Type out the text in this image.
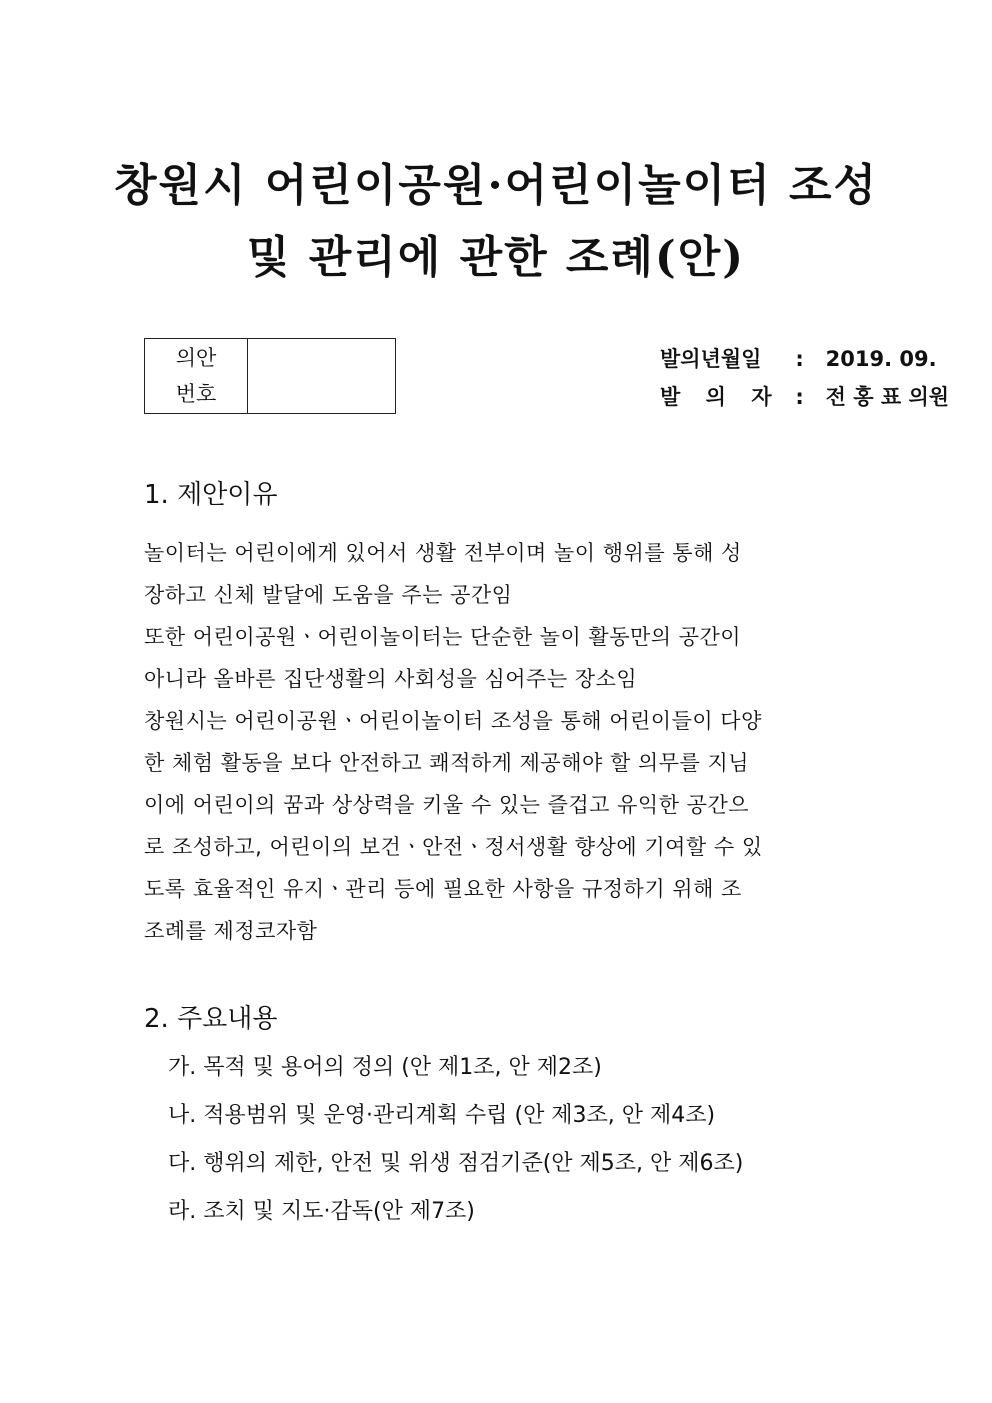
창원시 어린이공원·어린이놀이터 조성
및 관리에 관한 조례(안)
의안
번호

발의년월일 :   2019. 09.
발 의 자 :   전 홍 표 의원
1. 제안이유
놀이터는 어린이에게 있어서 생활 전부이며 놀이 행위를 통해 성
장하고 신체 발달에 도움을 주는 공간임
또한 어린이공원ㆍ어린이놀이터는 단순한 놀이 활동만의 공간이
아니라 올바른 집단생활의 사회성을 심어주는 장소임
창원시는 어린이공원ㆍ어린이놀이터 조성을 통해 어린이들이 다양
한 체험 활동을 보다 안전하고 쾌적하게 제공해야 할 의무를 지님
이에 어린이의 꿈과 상상력을 키울 수 있는 즐겁고 유익한 공간으
로 조성하고, 어린이의 보건ㆍ안전ㆍ정서생활 향상에 기여할 수 있
도록 효율적인 유지ㆍ관리 등에 필요한 사항을 규정하기 위해 조
조례를 제정코자함
2. 주요내용
가. 목적 및 용어의 정의 (안 제1조, 안 제2조)
나. 적용범위 및 운영·관리계획 수립 (안 제3조, 안 제4조)
다. 행위의 제한, 안전 및 위생 점검기준(안 제5조, 안 제6조)
라. 조치 및 지도·감독(안 제7조)
